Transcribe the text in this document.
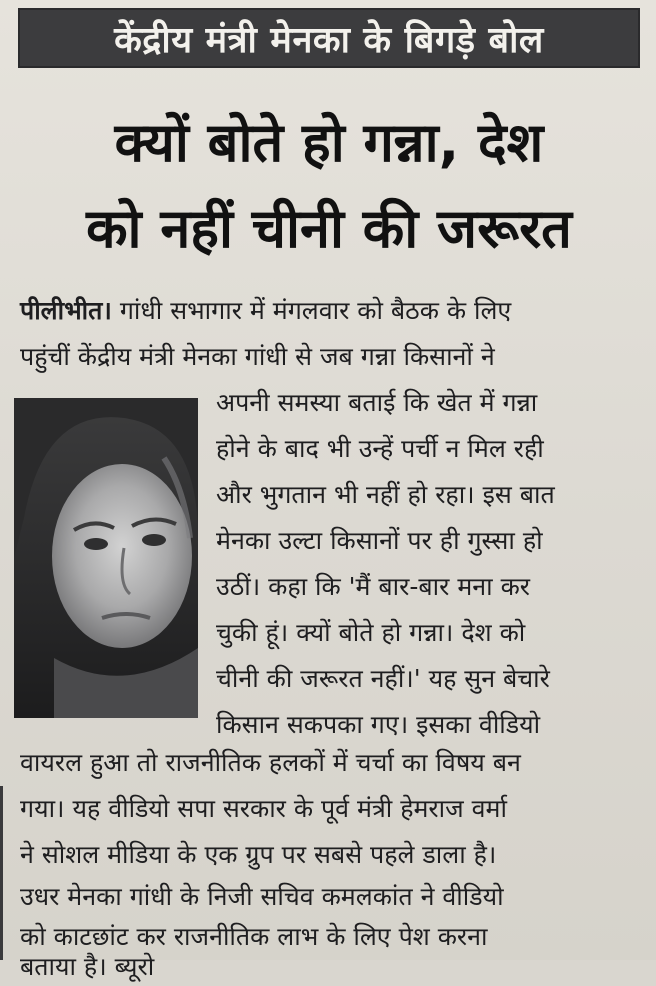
केंद्रीय मंत्री मेनका के बिगड़े बोल
क्यों बोते हो गन्ना, देश
को नहीं चीनी की जरूरत
पीलीभीत। गांधी सभागार में मंगलवार को बैठक के लिए
पहुंचीं केंद्रीय मंत्री मेनका गांधी से जब गन्ना किसानों ने
अपनी समस्या बताई कि खेत में गन्ना
होने के बाद भी उन्हें पर्ची न मिल रही
और भुगतान भी नहीं हो रहा। इस बात
मेनका उल्टा किसानों पर ही गुस्सा हो
उठीं। कहा कि 'मैं बार-बार मना कर
चुकी हूं। क्यों बोते हो गन्ना। देश को
चीनी की जरूरत नहीं।' यह सुन बेचारे
किसान सकपका गए। इसका वीडियो
वायरल हुआ तो राजनीतिक हलकों में चर्चा का विषय बन
गया। यह वीडियो सपा सरकार के पूर्व मंत्री हेमराज वर्मा
ने सोशल मीडिया के एक ग्रुप पर सबसे पहले डाला है।
उधर मेनका गांधी के निजी सचिव कमलकांत ने वीडियो
को काटछांट कर राजनीतिक लाभ के लिए पेश करना
बताया है। ब्यूरो
